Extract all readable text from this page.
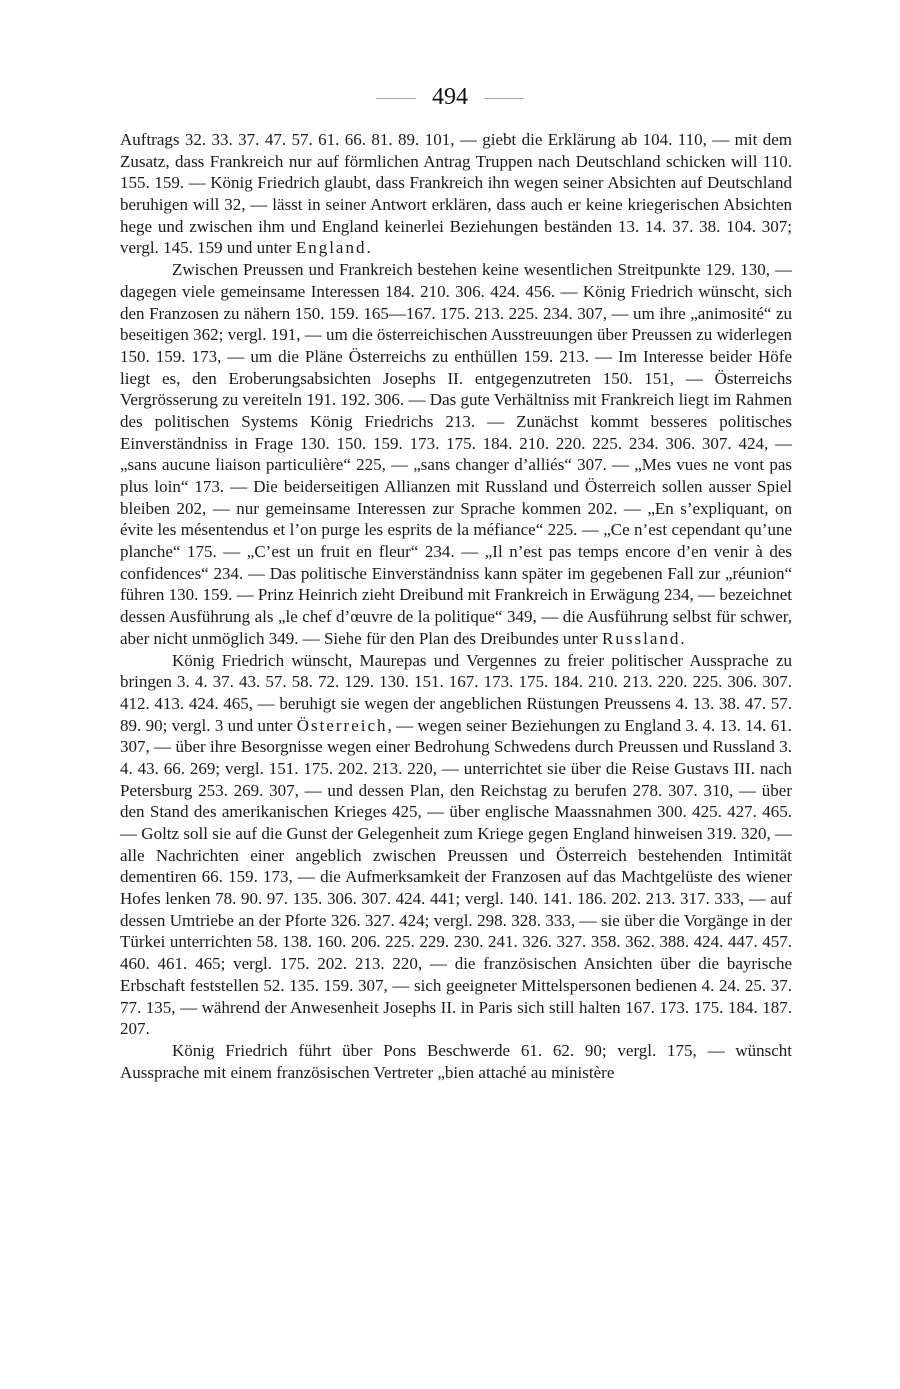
494

Auftrags 32. 33. 37. 47. 57. 61. 66. 81. 89. 101, — giebt die Erklärung ab 104. 110, — mit dem Zusatz, dass Frankreich nur auf förmlichen Antrag Truppen nach Deutschland schicken will 110. 155. 159. — König Friedrich glaubt, dass Frankreich ihn wegen seiner Absichten auf Deutschland beruhigen will 32, — lässt in seiner Antwort erklären, dass auch er keine kriegerischen Absichten hege und zwischen ihm und England keinerlei Beziehungen beständen 13. 14. 37. 38. 104. 307; vergl. 145. 159 und unter England.

Zwischen Preussen und Frankreich bestehen keine wesentlichen Streitpunkte 129. 130, — dagegen viele gemeinsame Interessen 184. 210. 306. 424. 456. — König Friedrich wünscht, sich den Franzosen zu nähern 150. 159. 165—167. 175. 213. 225. 234. 307, — um ihre „animosité“ zu beseitigen 362; vergl. 191, — um die österreichischen Ausstreuungen über Preussen zu widerlegen 150. 159. 173, — um die Pläne Österreichs zu enthüllen 159. 213. — Im Interesse beider Höfe liegt es, den Eroberungsabsichten Josephs II. entgegenzutreten 150. 151, — Österreichs Vergrösserung zu vereiteln 191. 192. 306. — Das gute Verhältniss mit Frankreich liegt im Rahmen des politischen Systems König Friedrichs 213. — Zunächst kommt besseres politisches Einverständniss in Frage 130. 150. 159. 173. 175. 184. 210. 220. 225. 234. 306. 307. 424, — „sans aucune liaison particulière“ 225, — „sans changer d’alliés“ 307. — „Mes vues ne vont pas plus loin“ 173. — Die beiderseitigen Allianzen mit Russland und Österreich sollen ausser Spiel bleiben 202, — nur gemeinsame Interessen zur Sprache kommen 202. — „En s’expliquant, on évite les mésentendus et l’on purge les esprits de la méfiance“ 225. — „Ce n’est cependant qu’une planche“ 175. — „C’est un fruit en fleur“ 234. — „Il n’est pas temps encore d’en venir à des confidences“ 234. — Das politische Einverständniss kann später im gegebenen Fall zur „réunion“ führen 130. 159. — Prinz Heinrich zieht Dreibund mit Frankreich in Erwägung 234, — bezeichnet dessen Ausführung als „le chef d’œuvre de la politique“ 349, — die Ausführung selbst für schwer, aber nicht unmöglich 349. — Siehe für den Plan des Dreibundes unter Russland.

König Friedrich wünscht, Maurepas und Vergennes zu freier politischer Aussprache zu bringen 3. 4. 37. 43. 57. 58. 72. 129. 130. 151. 167. 173. 175. 184. 210. 213. 220. 225. 306. 307. 412. 413. 424. 465, — beruhigt sie wegen der angeblichen Rüstungen Preussens 4. 13. 38. 47. 57. 89. 90; vergl. 3 und unter Österreich, — wegen seiner Beziehungen zu England 3. 4. 13. 14. 61. 307, — über ihre Besorgnisse wegen einer Bedrohung Schwedens durch Preussen und Russland 3. 4. 43. 66. 269; vergl. 151. 175. 202. 213. 220, — unterrichtet sie über die Reise Gustavs III. nach Petersburg 253. 269. 307, — und dessen Plan, den Reichstag zu berufen 278. 307. 310, — über den Stand des amerikanischen Krieges 425, — über englische Maassnahmen 300. 425. 427. 465. — Goltz soll sie auf die Gunst der Gelegenheit zum Kriege gegen England hinweisen 319. 320, — alle Nachrichten einer angeblich zwischen Preussen und Österreich bestehenden Intimität dementiren 66. 159. 173, — die Aufmerksamkeit der Franzosen auf das Machtgelüste des wiener Hofes lenken 78. 90. 97. 135. 306. 307. 424. 441; vergl. 140. 141. 186. 202. 213. 317. 333, — auf dessen Umtriebe an der Pforte 326. 327. 424; vergl. 298. 328. 333, — sie über die Vorgänge in der Türkei unterrichten 58. 138. 160. 206. 225. 229. 230. 241. 326. 327. 358. 362. 388. 424. 447. 457. 460. 461. 465; vergl. 175. 202. 213. 220, — die französischen Ansichten über die bayrische Erbschaft feststellen 52. 135. 159. 307, — sich geeigneter Mittelspersonen bedienen 4. 24. 25. 37. 77. 135, — während der Anwesenheit Josephs II. in Paris sich still halten 167. 173. 175. 184. 187. 207.

König Friedrich führt über Pons Beschwerde 61. 62. 90; vergl. 175, — wünscht Aussprache mit einem französischen Vertreter „bien attaché au ministère
